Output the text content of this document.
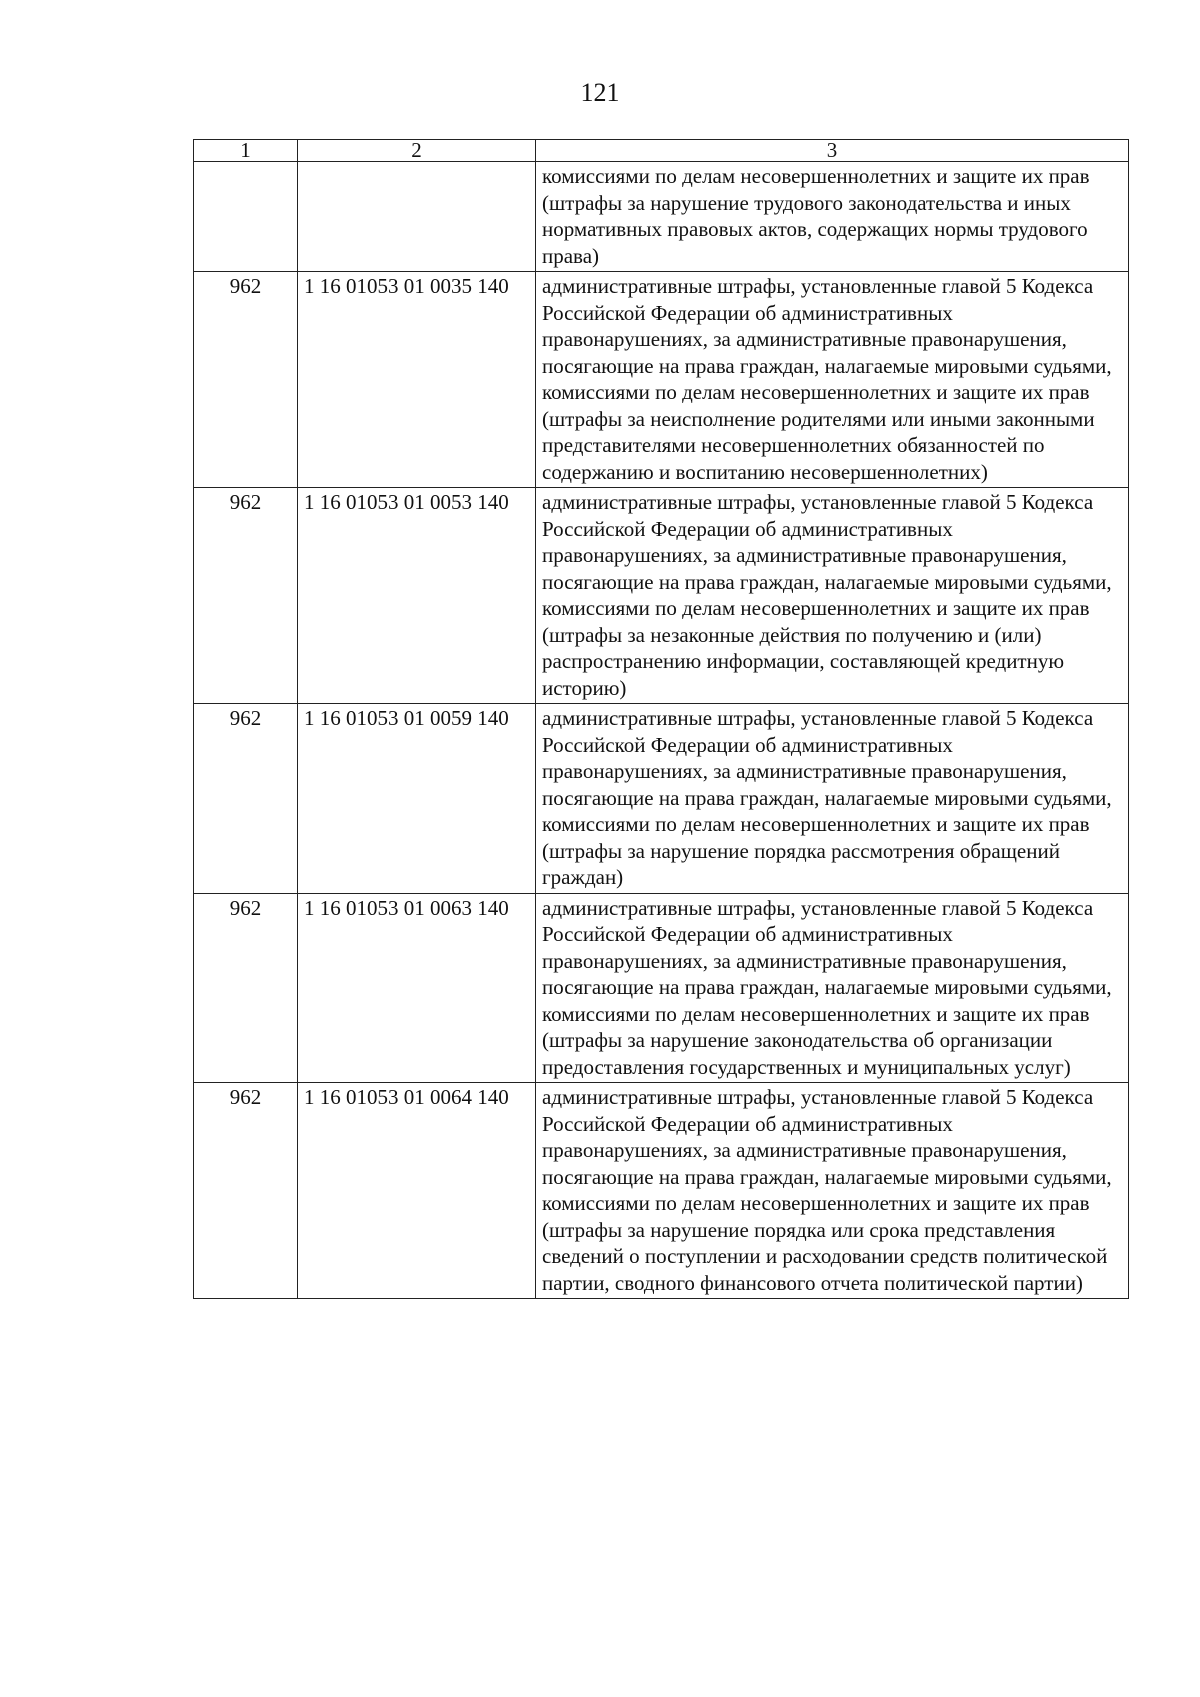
121
1	2	3
		комиссиями по делам несовершеннолетних и защите их прав (штрафы за нарушение трудового законодательства и иных нормативных правовых актов, содержащих нормы трудового права)
962	1 16 01053 01 0035 140	административные штрафы, установленные главой 5 Кодекса Российской Федерации об административных правонарушениях, за административные правонарушения, посягающие на права граждан, налагаемые мировыми судьями, комиссиями по делам несовершеннолетних и защите их прав (штрафы за неисполнение родителями или иными законными представителями несовершеннолетних обязанностей по содержанию и воспитанию несовершеннолетних)
962	1 16 01053 01 0053 140	административные штрафы, установленные главой 5 Кодекса Российской Федерации об административных правонарушениях, за административные правонарушения, посягающие на права граждан, налагаемые мировыми судьями, комиссиями по делам несовершеннолетних и защите их прав (штрафы за незаконные действия по получению и (или) распространению информации, составляющей кредитную историю)
962	1 16 01053 01 0059 140	административные штрафы, установленные главой 5 Кодекса Российской Федерации об административных правонарушениях, за административные правонарушения, посягающие на права граждан, налагаемые мировыми судьями, комиссиями по делам несовершеннолетних и защите их прав (штрафы за нарушение порядка рассмотрения обращений граждан)
962	1 16 01053 01 0063 140	административные штрафы, установленные главой 5 Кодекса Российской Федерации об административных правонарушениях, за административные правонарушения, посягающие на права граждан, налагаемые мировыми судьями, комиссиями по делам несовершеннолетних и защите их прав (штрафы за нарушение законодательства об организации предоставления государственных и муниципальных услуг)
962	1 16 01053 01 0064 140	административные штрафы, установленные главой 5 Кодекса Российской Федерации об административных правонарушениях, за административные правонарушения, посягающие на права граждан, налагаемые мировыми судьями, комиссиями по делам несовершеннолетних и защите их прав (штрафы за нарушение порядка или срока представления сведений о поступлении и расходовании средств политической партии, сводного финансового отчета политической партии)
